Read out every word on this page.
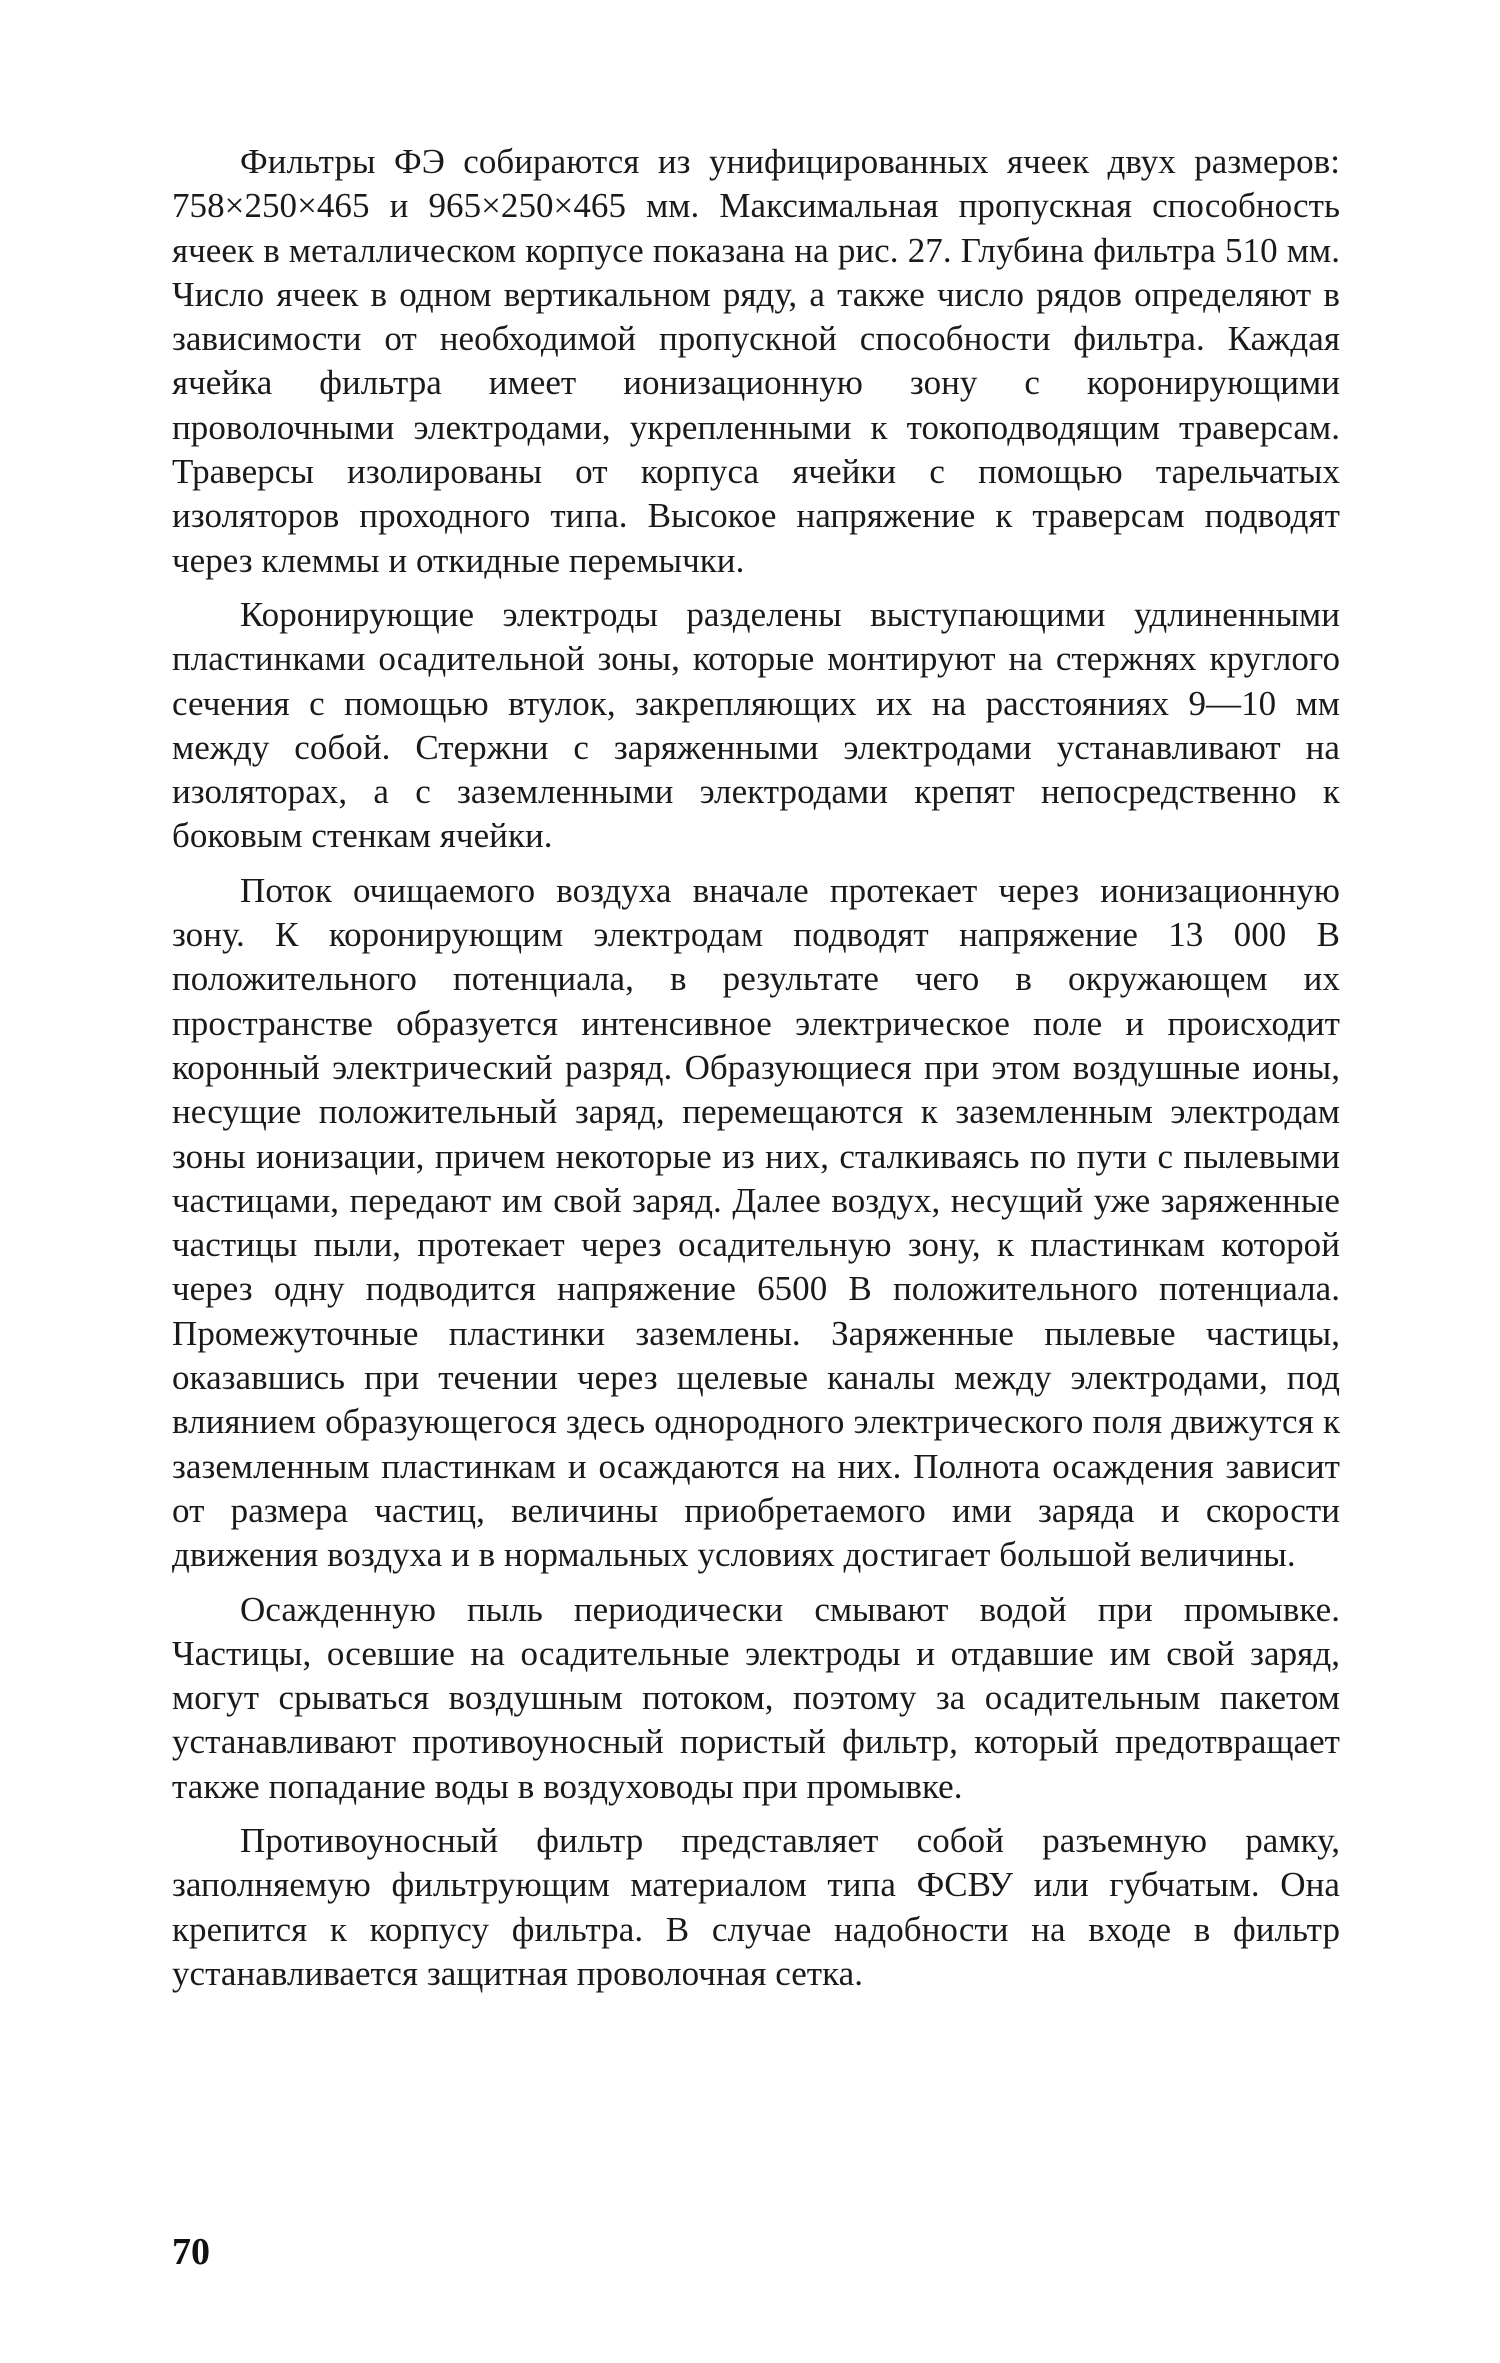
Фильтры ФЭ собираются из унифицированных ячеек двух размеров: 758×250×465 и 965×250×465 мм. Максимальная пропускная способность ячеек в металлическом корпусе показана на рис. 27. Глубина фильтра 510 мм. Число ячеек в одном вертикальном ряду, а также число рядов определяют в зависимости от необходимой пропускной способности фильтра. Каждая ячейка фильтра имеет ионизационную зону с коронирующими проволочными электродами, укрепленными к токоподводящим траверсам. Траверсы изолированы от корпуса ячейки с помощью тарельчатых изоляторов проходного типа. Высокое напряжение к траверсам подводят через клеммы и откидные перемычки.

Коронирующие электроды разделены выступающими удлиненными пластинками осадительной зоны, которые монтируют на стержнях круглого сечения с помощью втулок, закрепляющих их на расстояниях 9—10 мм между собой. Стержни с заряженными электродами устанавливают на изоляторах, а с заземленными электродами крепят непосредственно к боковым стенкам ячейки.

Поток очищаемого воздуха вначале протекает через ионизационную зону. К коронирующим электродам подводят напряжение 13 000 В положительного потенциала, в результате чего в окружающем их пространстве образуется интенсивное электрическое поле и происходит коронный электрический разряд. Образующиеся при этом воздушные ионы, несущие положительный заряд, перемещаются к заземленным электродам зоны ионизации, причем некоторые из них, сталкиваясь по пути с пылевыми частицами, передают им свой заряд. Далее воздух, несущий уже заряженные частицы пыли, протекает через осадительную зону, к пластинкам которой через одну подводится напряжение 6500 В положительного потенциала. Промежуточные пластинки заземлены. Заряженные пылевые частицы, оказавшись при течении через щелевые каналы между электродами, под влиянием образующегося здесь однородного электрического поля движутся к заземленным пластинкам и осаждаются на них. Полнота осаждения зависит от размера частиц, величины приобретаемого ими заряда и скорости движения воздуха и в нормальных условиях достигает большой величины.

Осажденную пыль периодически смывают водой при промывке. Частицы, осевшие на осадительные электроды и отдавшие им свой заряд, могут срываться воздушным потоком, поэтому за осадительным пакетом устанавливают противоуносный пористый фильтр, который предотвращает также попадание воды в воздуховоды при промывке.

Противоуносный фильтр представляет собой разъемную рамку, заполняемую фильтрующим материалом типа ФСВУ или губчатым. Она крепится к корпусу фильтра. В случае надобности на входе в фильтр устанавливается защитная проволочная сетка.

70
